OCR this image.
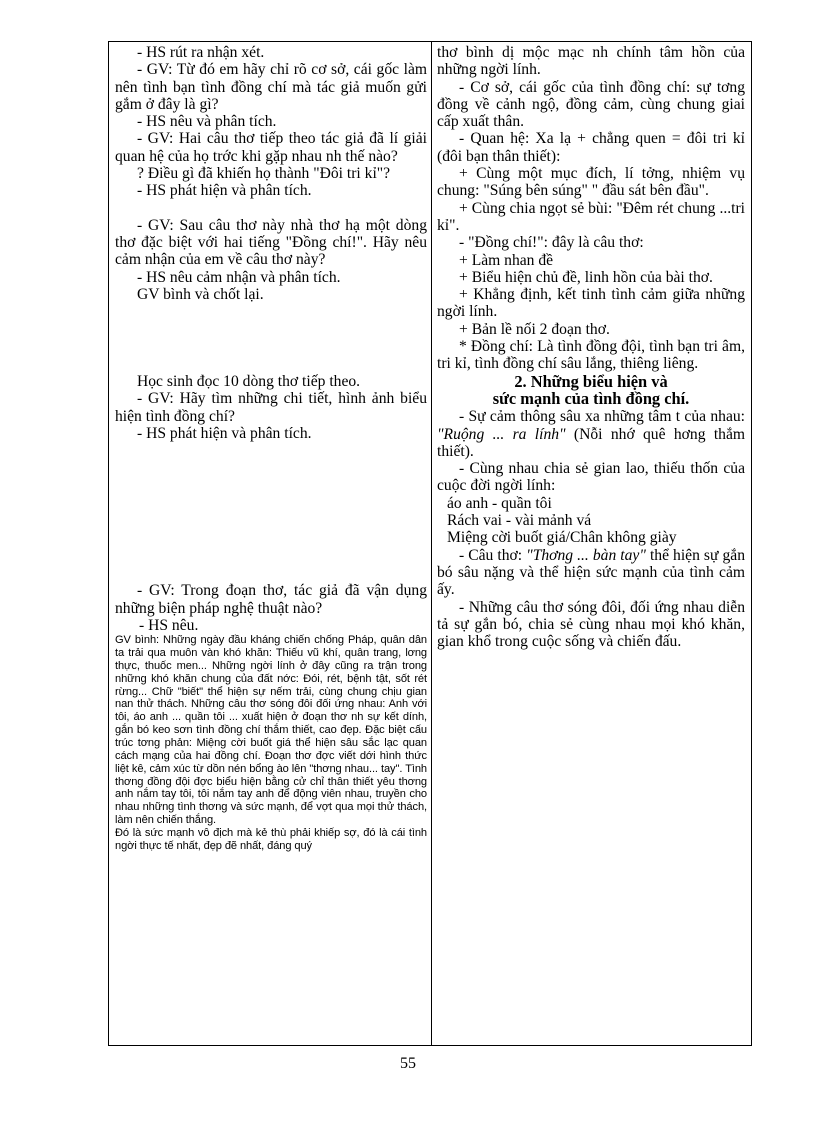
- HS rút ra nhận xét.

- GV: Từ đó em hãy chỉ rõ cơ sở, cái gốc làm nên tình bạn tình đồng chí mà tác giả muốn gửi gắm ở đây là gì?

- HS nêu và phân tích.

- GV: Hai câu thơ tiếp theo tác giả đã lí giải quan hệ của họ trớc khi gặp nhau nh thế nào?

? Điều gì đã khiến họ thành "Đôi tri kỉ"?

- HS phát hiện và phân tích.

- GV: Sau câu thơ này nhà thơ hạ một dòng thơ đặc biệt với hai tiếng "Đồng chí!". Hãy nêu cảm nhận của em về câu thơ này?

- HS nêu cảm nhận và phân tích.

GV bình và chốt lại.

Học sinh đọc 10 dòng thơ tiếp theo.

- GV: Hãy tìm những chi tiết, hình ảnh biểu hiện tình đồng chí?

- HS phát hiện và phân tích.

- GV: Trong đoạn thơ, tác giả đã vận dụng những biện pháp nghệ thuật nào?

- HS nêu.

GV bình: Những ngày đầu kháng chiến chống Pháp, quân dân ta trải qua muôn vàn khó khăn: Thiếu vũ khí, quân trang, lơng thực, thuốc men... Những ngời lính ở đây cũng ra trận trong những khó khăn chung của đất nớc: Đói, rét, bệnh tật, sốt rét rừng... Chữ "biết" thể hiện sự nếm trải, cùng chung chịu gian nan thử thách. Những câu thơ sóng đôi đối ứng nhau: Anh với tôi, áo anh ... quần tôi ... xuất hiện ở đoạn thơ nh sự kết dính, gắn bó keo sơn tình đồng chí thắm thiết, cao đẹp. Đặc biệt cấu trúc tơng phản: Miệng cời buốt giá thể hiện sâu sắc lạc quan cách mạng của hai đồng chí. Đoạn thơ đợc viết dới hình thức liệt kê, cảm xúc từ dồn nén bổng ào lên "thơng nhau... tay". Tình thơng đồng đội đợc biểu hiện bằng cử chỉ thân thiết yêu thơng anh nắm tay tôi, tôi nắm tay anh để động viên nhau, truyền cho nhau những tình thơng và sức mạnh, để vợt qua mọi thử thách, làm nên chiến thắng.

Đó là sức mạnh vô địch mà kẻ thù phải khiếp sợ, đó là cái tình ngời thực tế nhất, đẹp đẽ nhất, đáng quý

thơ bình dị mộc mạc nh chính tâm hồn của những ngời lính.

- Cơ sở, cái gốc của tình đồng chí: sự tơng đồng về cảnh ngộ, đồng cảm, cùng chung giai cấp xuất thân.

- Quan hệ: Xa lạ + chẳng quen = đôi tri kỉ (đôi bạn thân thiết):

+ Cùng một mục đích, lí tởng, nhiệm vụ chung: "Súng bên súng" " đầu sát bên đầu".

+ Cùng chia ngọt sẻ bùi: "Đêm rét chung ...tri kỉ".

- "Đồng chí!": đây là câu thơ:

+ Làm nhan đề

+ Biểu hiện chủ đề, linh hồn của bài thơ.

+ Khẳng định, kết tinh tình cảm giữa những ngời lính.

+ Bản lề nối 2 đoạn thơ.

* Đồng chí: Là tình đồng đội, tình bạn tri âm, tri kỉ, tình đồng chí sâu lắng, thiêng liêng.

2. Những biểu hiện và

sức mạnh của tình đồng chí.

- Sự cảm thông sâu xa những tâm t của nhau: "Ruộng ... ra lính" (Nỗi nhớ quê hơng thắm thiết).

- Cùng nhau chia sẻ gian lao, thiếu thốn của cuộc đời ngời lính:

áo anh - quần tôi

Rách vai - vài mảnh vá

Miệng cời buốt giá/Chân không giày

- Câu thơ: "Thơng ... bàn tay" thể hiện sự gắn bó sâu nặng và thể hiện sức mạnh của tình cảm ấy.

- Những câu thơ sóng đôi, đối ứng nhau diễn tả sự gắn bó, chia sẻ cùng nhau mọi khó khăn, gian khổ trong cuộc sống và chiến đấu.

55
